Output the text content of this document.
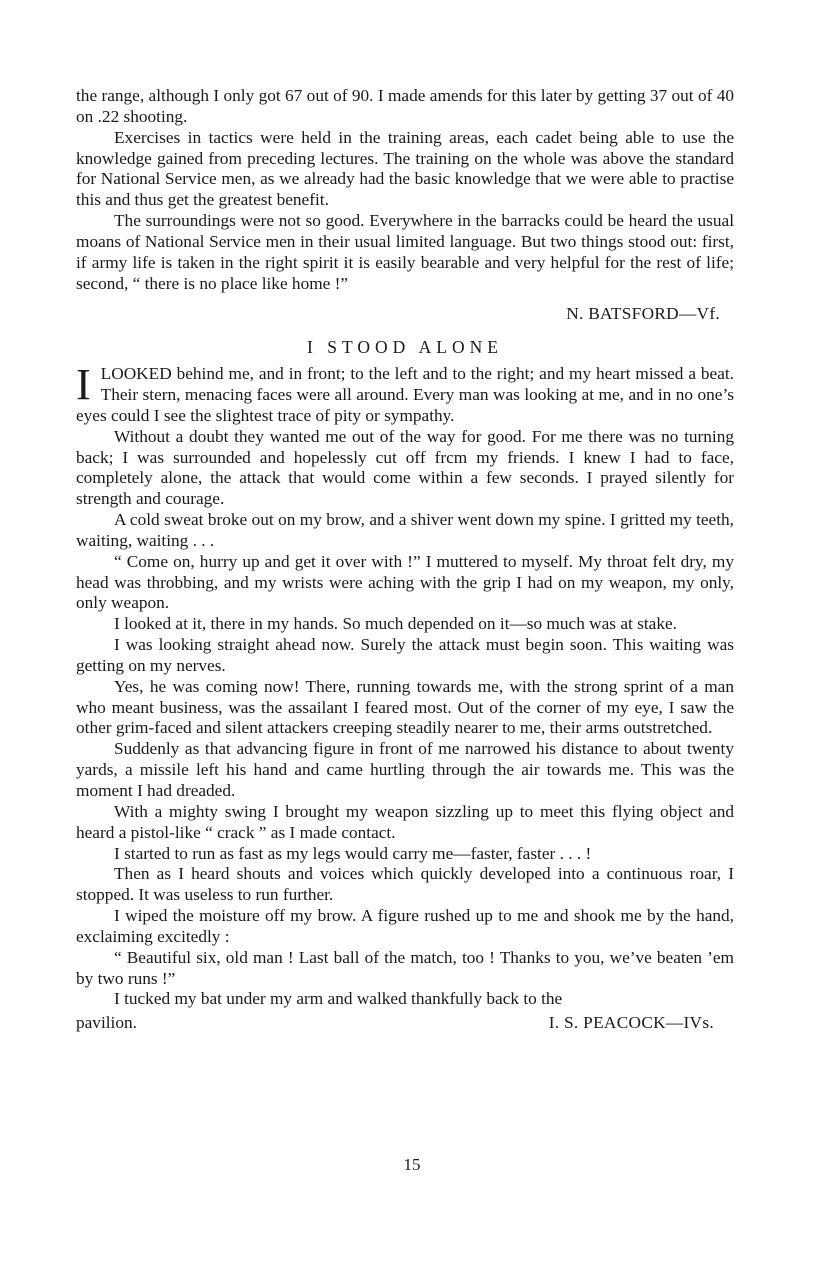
the range, although I only got 67 out of 90. I made amends for this later by getting 37 out of 40 on .22 shooting.

Exercises in tactics were held in the training areas, each cadet being able to use the knowledge gained from preceding lectures. The training on the whole was above the standard for National Service men, as we already had the basic knowledge that we were able to practise this and thus get the greatest benefit.

The surroundings were not so good. Everywhere in the barracks could be heard the usual moans of National Service men in their usual limited language. But two things stood out: first, if army life is taken in the right spirit it is easily bearable and very helpful for the rest of life; second, “ there is no place like home !”

N. BATSFORD—Vf.

I STOOD ALONE

I LOOKED behind me, and in front; to the left and to the right; and my heart missed a beat. Their stern, menacing faces were all around. Every man was looking at me, and in no one’s eyes could I see the slightest trace of pity or sympathy.

Without a doubt they wanted me out of the way for good. For me there was no turning back; I was surrounded and hopelessly cut off frcm my friends. I knew I had to face, completely alone, the attack that would come within a few seconds. I prayed silently for strength and courage.

A cold sweat broke out on my brow, and a shiver went down my spine. I gritted my teeth, waiting, waiting . . .

“ Come on, hurry up and get it over with !” I muttered to myself. My throat felt dry, my head was throbbing, and my wrists were aching with the grip I had on my weapon, my only, only weapon.

I looked at it, there in my hands. So much depended on it—so much was at stake.

I was looking straight ahead now. Surely the attack must begin soon. This waiting was getting on my nerves.

Yes, he was coming now! There, running towards me, with the strong sprint of a man who meant business, was the assailant I feared most. Out of the corner of my eye, I saw the other grim-faced and silent attackers creeping steadily nearer to me, their arms outstretched.

Suddenly as that advancing figure in front of me narrowed his distance to about twenty yards, a missile left his hand and came hurtling through the air towards me. This was the moment I had dreaded.

With a mighty swing I brought my weapon sizzling up to meet this flying object and heard a pistol-like “ crack ” as I made contact.

I started to run as fast as my legs would carry me—faster, faster . . . !

Then as I heard shouts and voices which quickly developed into a continuous roar, I stopped. It was useless to run further.

I wiped the moisture off my brow. A figure rushed up to me and shook me by the hand, exclaiming excitedly :

“ Beautiful six, old man ! Last ball of the match, too ! Thanks to you, we’ve beaten ’em by two runs !”

I tucked my bat under my arm and walked thankfully back to the

pavilion.	I. S. PEACOCK—IVs.
15
